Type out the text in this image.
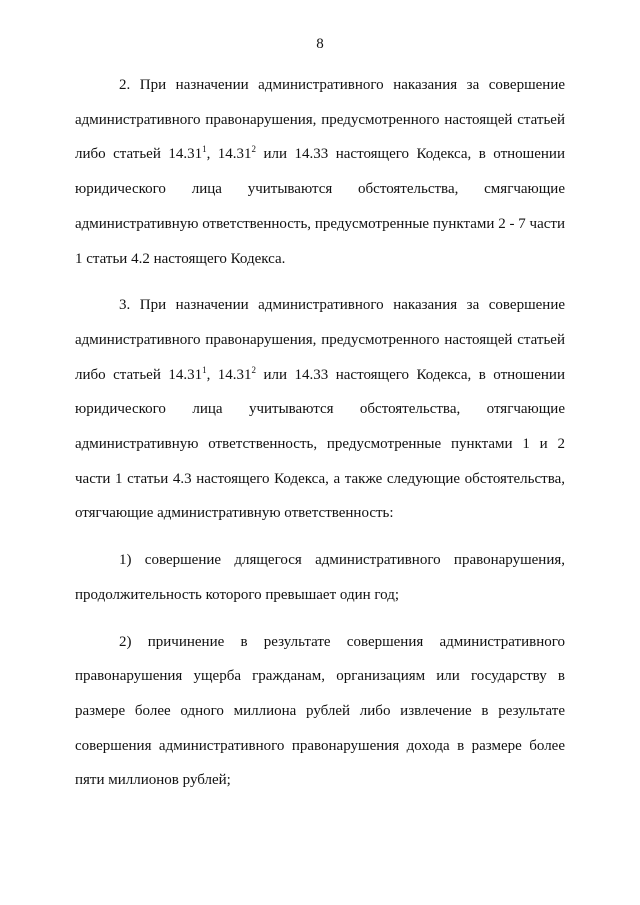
8

2. При назначении административного наказания за совершение административного правонарушения, предусмотренного настоящей статьей либо статьей 14.31$^1$, 14.31$^2$ или 14.33 настоящего Кодекса, в отношении юридического лица учитываются обстоятельства, смягчающие административную ответственность, предусмотренные пунктами 2 - 7 части 1 статьи 4.2 настоящего Кодекса.

3. При назначении административного наказания за совершение административного правонарушения, предусмотренного настоящей статьей либо статьей 14.31$^1$, 14.31$^2$ или 14.33 настоящего Кодекса, в отношении юридического лица учитываются обстоятельства, отягчающие административную ответственность, предусмотренные пунктами 1 и 2 части 1 статьи 4.3 настоящего Кодекса, а также следующие обстоятельства, отягчающие административную ответственность:

1) совершение длящегося административного правонарушения, продолжительность которого превышает один год;

2) причинение в результате совершения административного правонарушения ущерба гражданам, организациям или государству в размере более одного миллиона рублей либо извлечение в результате совершения административного правонарушения дохода в размере более пяти миллионов рублей;
